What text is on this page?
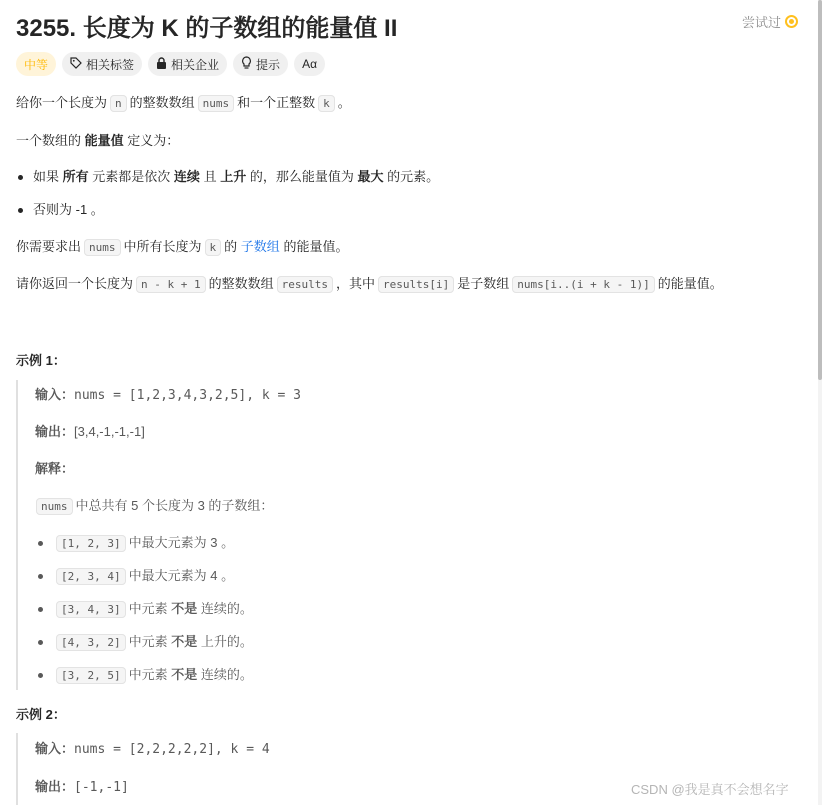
3255. 长度为 K 的子数组的能量值 II	尝试过
中等	相关标签	相关企业	提示 Aα
给你一个长度为 n 的整数数组 nums 和一个正整数 k 。
一个数组的 能量值 定义为：
如果 所有 元素都是依次 连续 且 上升 的，那么能量值为 最大 的元素。
否则为 -1 。
你需要求出 nums 中所有长度为 k 的 子数组 的能量值。
请你返回一个长度为 n - k + 1 的整数数组 results ，其中 results[i] 是子数组 nums[i..(i + k - 1)] 的能量值。
示例 1：
输入：nums = [1,2,3,4,3,2,5], k = 3
输出：[3,4,-1,-1,-1]
解释：
nums 中总共有 5 个长度为 3 的子数组：
[1, 2, 3] 中最大元素为 3 。
[2, 3, 4] 中最大元素为 4 。
[3, 4, 3] 中元素 不是 连续的。
[4, 3, 2] 中元素 不是 上升的。
[3, 2, 5] 中元素 不是 连续的。
示例 2：
输入：nums = [2,2,2,2,2], k = 4
输出：[-1,-1]	CSDN @我是真不会想名字
